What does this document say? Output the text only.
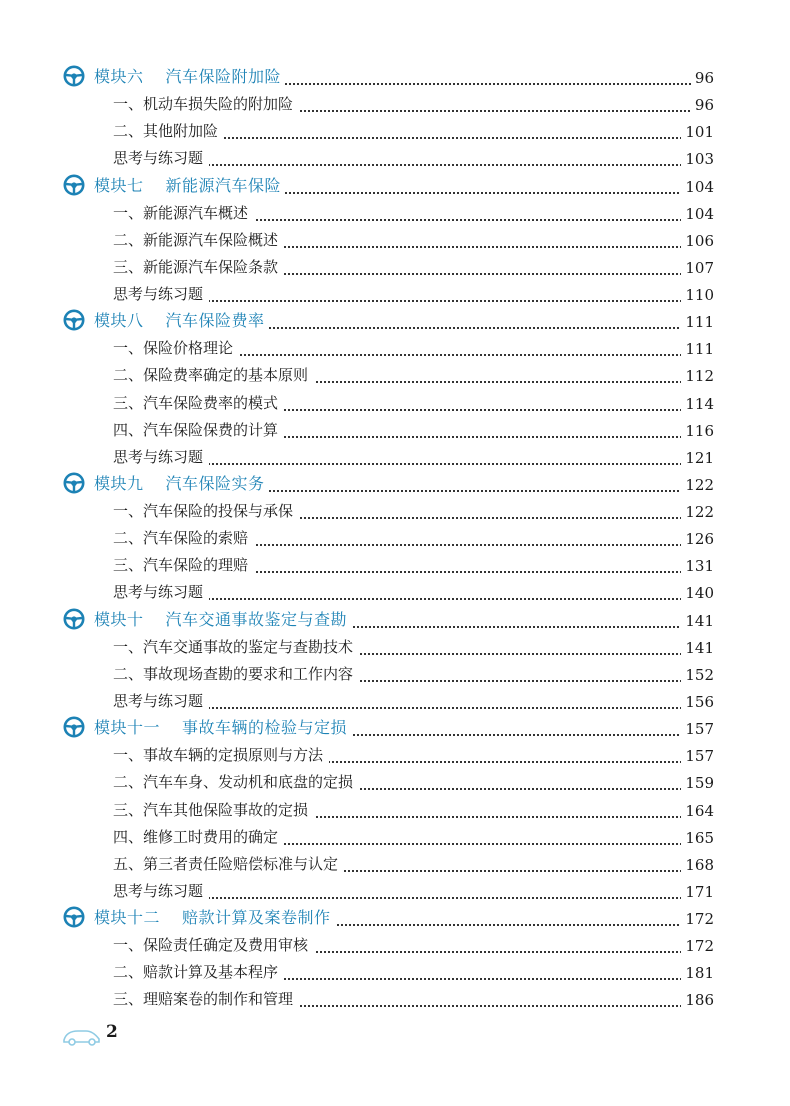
模块六 汽车保险附加险	96
一、机动车损失险的附加险	96
二、其他附加险	101
思考与练习题	103
模块七 新能源汽车保险	104
一、新能源汽车概述	104
二、新能源汽车保险概述	106
三、新能源汽车保险条款	107
思考与练习题	110
模块八 汽车保险费率	111
一、保险价格理论	111
二、保险费率确定的基本原则	112
三、汽车保险费率的模式	114
四、汽车保险保费的计算	116
思考与练习题	121
模块九 汽车保险实务	122
一、汽车保险的投保与承保	122
二、汽车保险的索赔	126
三、汽车保险的理赔	131
思考与练习题	140
模块十 汽车交通事故鉴定与查勘	141
一、汽车交通事故的鉴定与查勘技术	141
二、事故现场查勘的要求和工作内容	152
思考与练习题	156
模块十一 事故车辆的检验与定损	157
一、事故车辆的定损原则与方法	157
二、汽车车身、发动机和底盘的定损	159
三、汽车其他保险事故的定损	164
四、维修工时费用的确定	165
五、第三者责任险赔偿标准与认定	168
思考与练习题	171
模块十二 赔款计算及案卷制作	172
一、保险责任确定及费用审核	172
二、赔款计算及基本程序	181
三、理赔案卷的制作和管理	186
2
